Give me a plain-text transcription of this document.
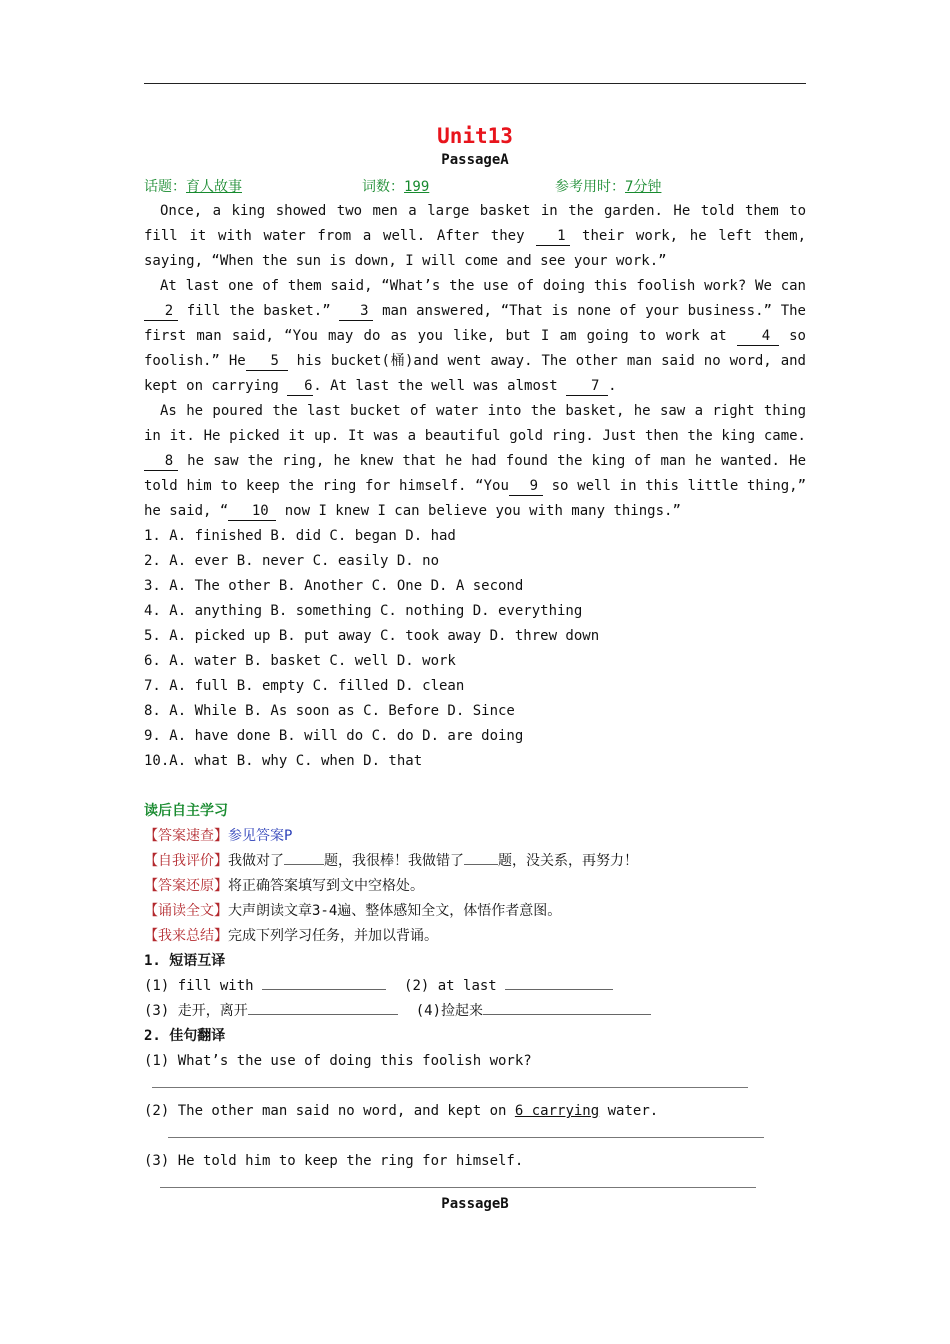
Unit13
PassageA
话题：育人故事	词数：199	参考用时：7分钟

Once, a king showed two men a large basket in the garden. He told them to fill it with water from a well. After they 1 their work, he left them, saying, “When the sun is down, I will come and see your work.”

At last one of them said, “What’s the use of doing this foolish work? We can 2 fill the basket.” 3 man answered, “That is none of your business.” The first man said, “You may do as you like, but I am going to work at 4 so foolish.” He 5 his bucket(桶)and went away. The other man said no word, and kept on carrying 6. At last the well was almost 7 .

As he poured the last bucket of water into the basket, he saw a right thing in it. He picked it up. It was a beautiful gold ring. Just then the king came. 8 he saw the ring, he knew that he had found the king of man he wanted. He told him to keep the ring for himself. “You 9 so well in this little thing,” he said, “ 10 now I knew I can believe you with many things.”

1. A. finished B. did C. began D. had

2. A. ever B. never C. easily D. no

3. A. The other B. Another C. One D. A second

4. A. anything B. something C. nothing D. everything

5. A. picked up B. put away C. took away D. threw down

6. A. water B. basket C. well D. work

7. A. full B. empty C. filled D. clean

8. A. While B. As soon as C. Before D. Since

9. A. have done B. will do C. do D. are doing

10.A. what B. why C. when D. that

读后自主学习
【答案速查】参见答案P
【自我评价】我做对了	题，我很棒！我做错了 题，没关系，再努力！
【答案还原】将正确答案填写到文中空格处。
【诵读全文】大声朗读文章3-4遍、整体感知全文，体悟作者意图。
【我来总结】完成下列学习任务，并加以背诵。
1. 短语互译
(1) fill with	(2) at last
(3) 走开，离开	(4)捡起来
2. 佳句翻译
(1) What’s the use of doing this foolish work?
(2) The other man said no word, and kept on 6 carrying water.
(3) He told him to keep the ring for himself.
PassageB
